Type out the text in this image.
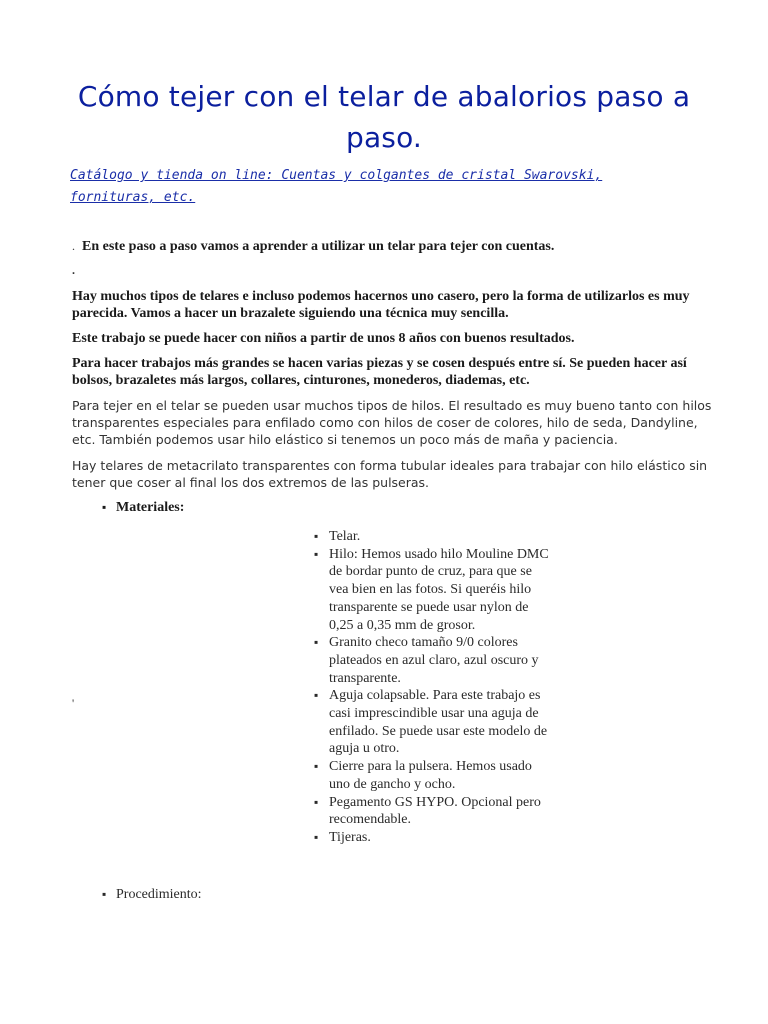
Cómo tejer con el telar de abalorios paso a paso.
Catálogo y tienda on line: Cuentas y colgantes de cristal Swarovski, fornituras, etc.
. En este paso a paso vamos a aprender a utilizar un telar para tejer con cuentas.

.

Hay muchos tipos de telares e incluso podemos hacernos uno casero, pero la forma de utilizarlos es muy parecida. Vamos a hacer un brazalete siguiendo una técnica muy sencilla.

Este trabajo se puede hacer con niños a partir de unos 8 años con buenos resultados.

Para hacer trabajos más grandes se hacen varias piezas y se cosen después entre sí. Se pueden hacer así bolsos, brazaletes más largos, collares, cinturones, monederos, diademas, etc.

Para tejer en el telar se pueden usar muchos tipos de hilos. El resultado es muy bueno tanto con hilos transparentes especiales para enfilado como con hilos de coser de colores, hilo de seda, Dandyline, etc. También podemos usar hilo elástico si tenemos un poco más de maña y paciencia.

Hay telares de metacrilato transparentes con forma tubular ideales para trabajar con hilo elástico sin tener que coser al final los dos extremos de las pulseras.

▪ Materiales:
'
▪ Telar.
▪ Hilo: Hemos usado hilo Mouline DMC de bordar punto de cruz, para que se vea bien en las fotos. Si queréis hilo transparente se puede usar nylon de 0,25 a 0,35 mm de grosor.
▪ Granito checo tamaño 9/0 colores plateados en azul claro, azul oscuro y transparente.
▪ Aguja colapsable. Para este trabajo es casi imprescindible usar una aguja de enfilado. Se puede usar este modelo de aguja u otro.
▪ Cierre para la pulsera. Hemos usado uno de gancho y ocho.
▪ Pegamento GS HYPO. Opcional pero recomendable.
▪ Tijeras.
▪ Procedimiento:
